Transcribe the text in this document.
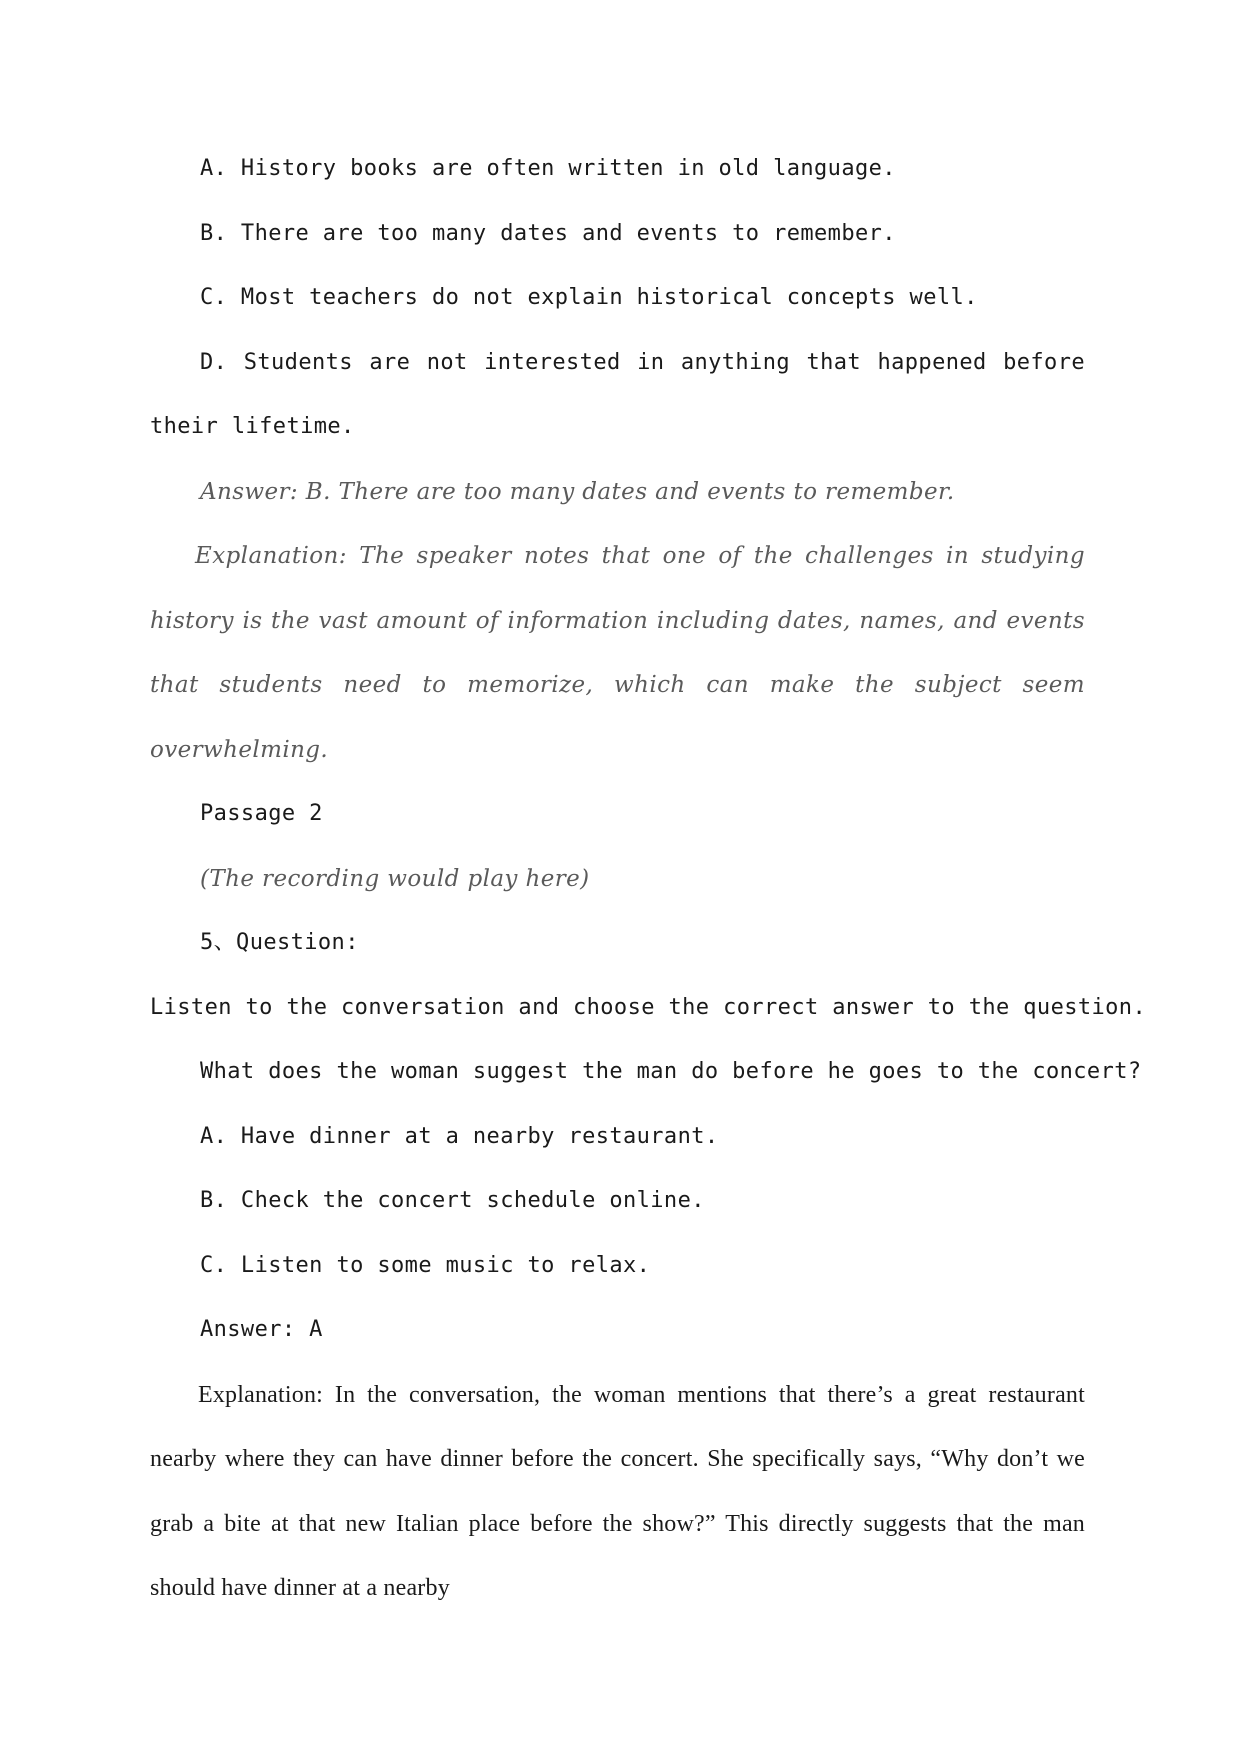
A. History books are often written in old language.

B. There are too many dates and events to remember.

C. Most teachers do not explain historical concepts well.

D. Students are not interested in anything that happened before their lifetime.

Answer: B. There are too many dates and events to remember.

Explanation: The speaker notes that one of the challenges in studying history is the vast amount of information including dates, names, and events that students need to memorize, which can make the subject seem overwhelming.

Passage 2

(The recording would play here)

5、Question:

Listen to the conversation and choose the correct answer to the question.

What does the woman suggest the man do before he goes to the concert?

A. Have dinner at a nearby restaurant.

B. Check the concert schedule online.

C. Listen to some music to relax.

Answer: A

Explanation: In the conversation, the woman mentions that there’s a great restaurant nearby where they can have dinner before the concert. She specifically says, “Why don’t we grab a bite at that new Italian place before the show?” This directly suggests that the man should have dinner at a nearby
